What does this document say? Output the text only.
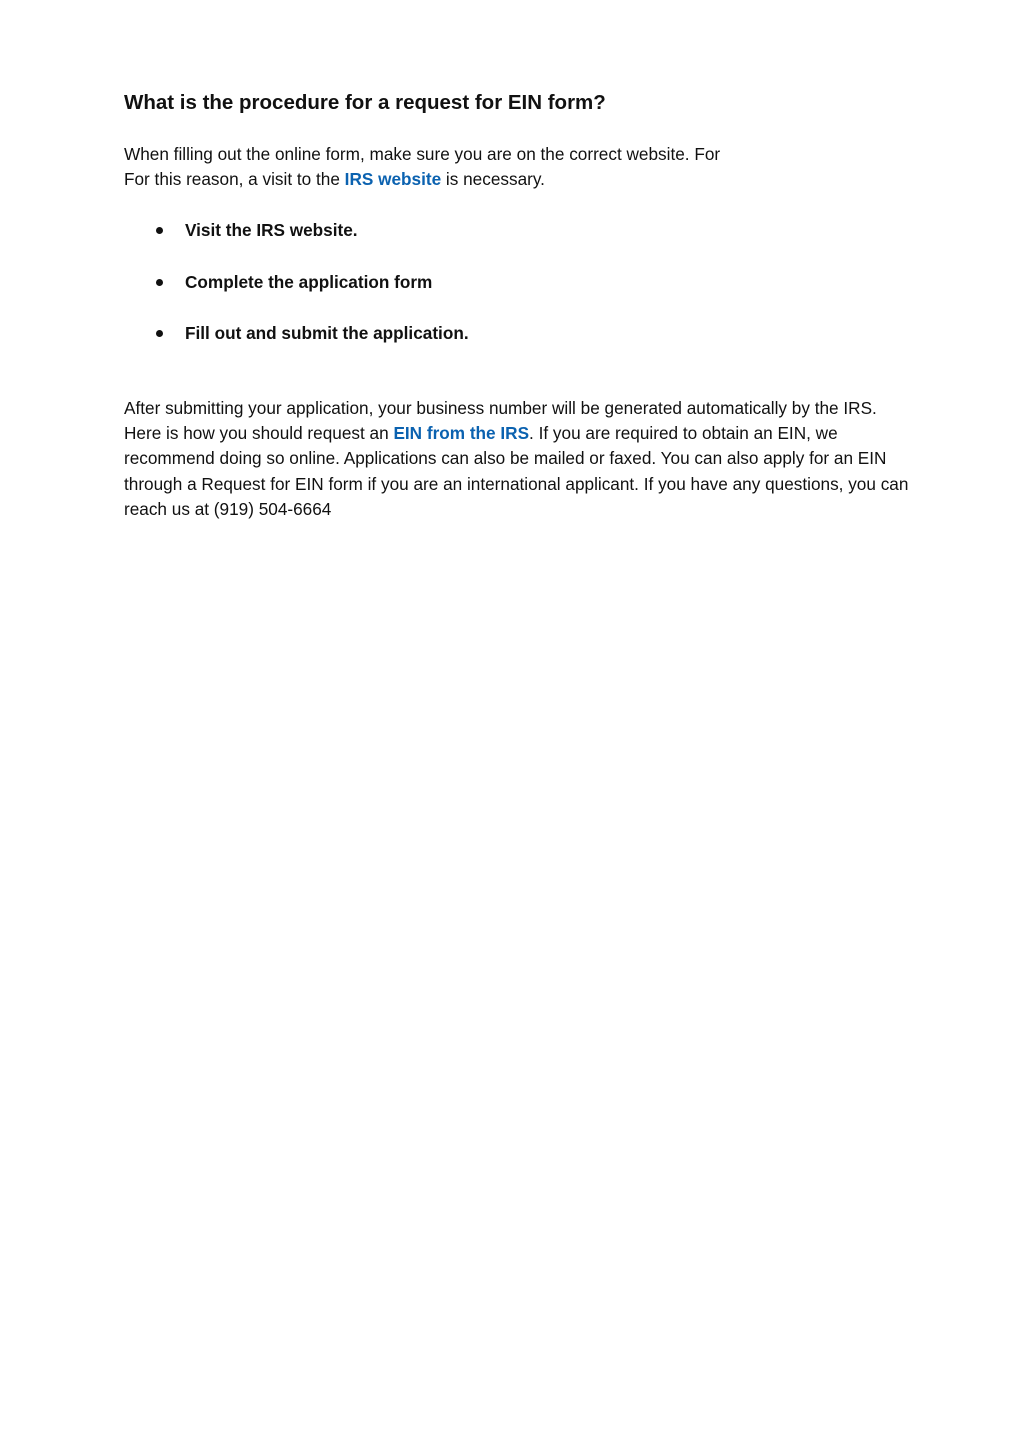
What is the procedure for a request for EIN form?

When filling out the online form, make sure you are on the correct website. For
For this reason, a visit to the IRS website is necessary.

Visit the IRS website.
Complete the application form
Fill out and submit the application.

After submitting your application, your business number will be generated automatically by the IRS.
Here is how you should request an EIN from the IRS. If you are required to obtain an EIN, we recommend doing so online. Applications can also be mailed or faxed. You can also apply for an EIN through a Request for EIN form if you are an international applicant. If you have any questions, you can reach us at (919) 504-6664
